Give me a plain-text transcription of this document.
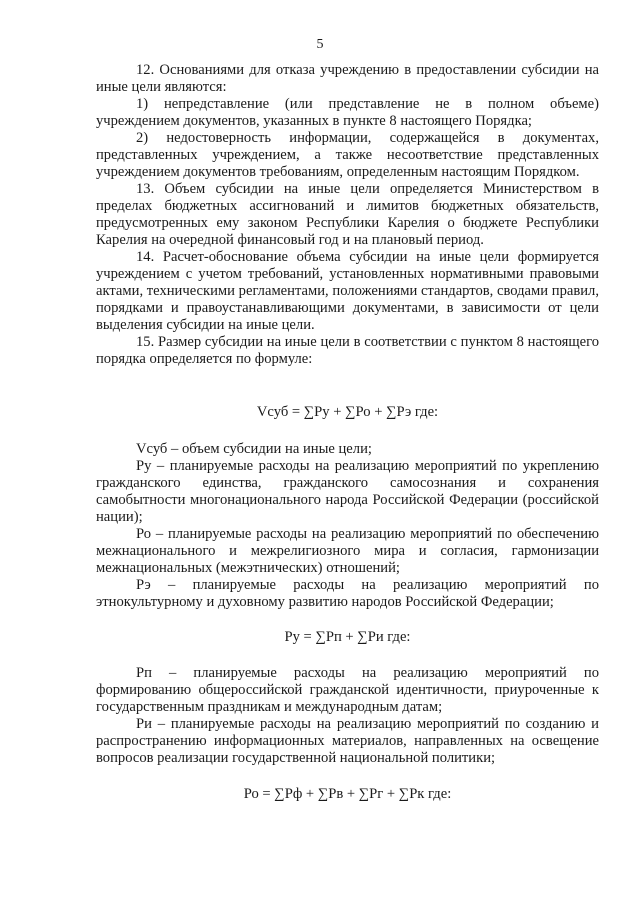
5

12. Основаниями для отказа учреждению в предоставлении субсидии на иные цели являются:

1) непредставление (или представление не в полном объеме) учреждением документов, указанных в пункте 8 настоящего Порядка;

2) недостоверность информации, содержащейся в документах, представленных учреждением, а также несоответствие представленных учреждением документов требованиям, определенным настоящим Порядком.

13. Объем субсидии на иные цели определяется Министерством в пределах бюджетных ассигнований и лимитов бюджетных обязательств, предусмотренных ему законом Республики Карелия о бюджете Республики Карелия на очередной финансовый год и на плановый период.

14. Расчет-обоснование объема субсидии на иные цели формируется учреждением с учетом требований, установленных нормативными правовыми актами, техническими регламентами, положениями стандартов, сводами правил, порядками и правоустанавливающими документами, в зависимости от цели выделения субсидии на иные цели.

15. Размер субсидии на иные цели в соответствии с пунктом 8 настоящего порядка определяется по формуле:

Vсуб = ∑Ру + ∑Ро + ∑Рэ где:

Vсуб – объем субсидии на иные цели;

Ру – планируемые расходы на реализацию мероприятий по укреплению гражданского единства, гражданского самосознания и сохранения самобытности многонационального народа Российской Федерации (российской нации);

Ро – планируемые расходы на реализацию мероприятий по обеспечению межнационального и межрелигиозного мира и согласия, гармонизации межнациональных (межэтнических) отношений;

Рэ – планируемые расходы на реализацию мероприятий по этнокультурному и духовному развитию народов Российской Федерации;

Ру = ∑Рп + ∑Ри где:

Рп – планируемые расходы на реализацию мероприятий по формированию общероссийской гражданской идентичности, приуроченные к государственным праздникам и международным датам;

Ри – планируемые расходы на реализацию мероприятий по созданию и распространению информационных материалов, направленных на освещение вопросов реализации государственной национальной политики;

Ро = ∑Рф + ∑Рв + ∑Рг + ∑Рк где:
